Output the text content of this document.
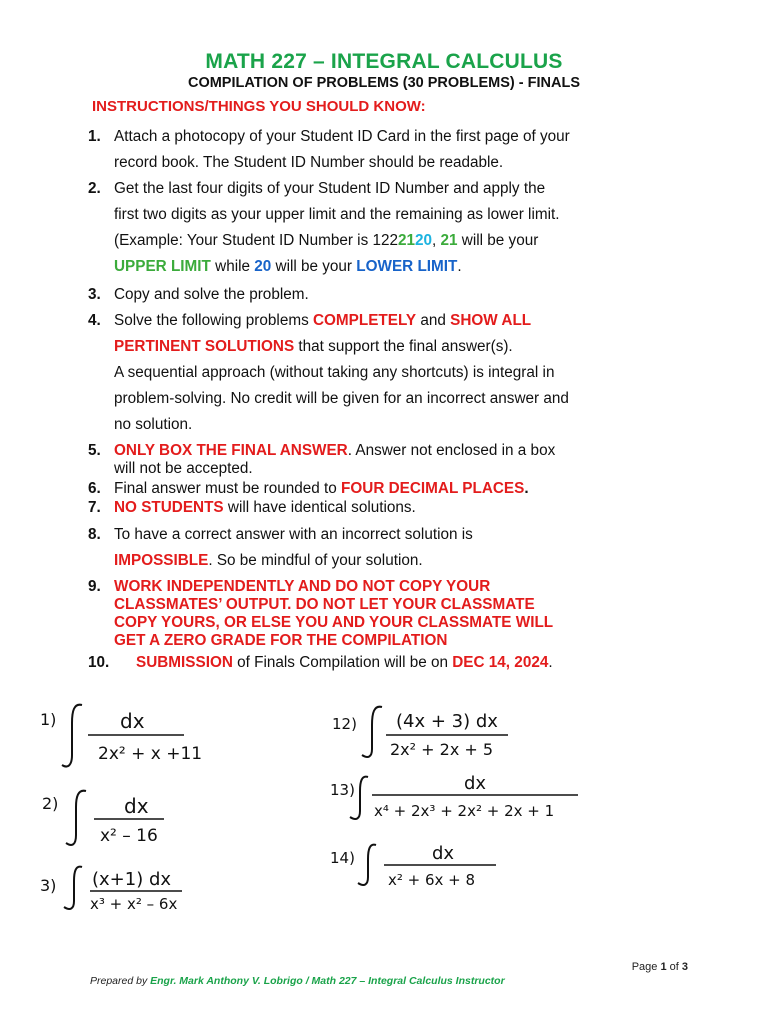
MATH 227 – INTEGRAL CALCULUS
COMPILATION OF PROBLEMS (30 PROBLEMS) - FINALS
INSTRUCTIONS/THINGS YOU SHOULD KNOW:
1. Attach a photocopy of your Student ID Card in the first page of your
record book. The Student ID Number should be readable.
2. Get the last four digits of your Student ID Number and apply the
first two digits as your upper limit and the remaining as lower limit.
(Example: Your Student ID Number is 1222120, 21 will be your
UPPER LIMIT while 20 will be your LOWER LIMIT.
3. Copy and solve the problem.
4. Solve the following problems COMPLETELY and SHOW ALL
PERTINENT SOLUTIONS that support the final answer(s).
A sequential approach (without taking any shortcuts) is integral in
problem-solving. No credit will be given for an incorrect answer and
no solution.
5. ONLY BOX THE FINAL ANSWER. Answer not enclosed in a box
will not be accepted.
6. Final answer must be rounded to FOUR DECIMAL PLACES.
7. NO STUDENTS will have identical solutions.
8. To have a correct answer with an incorrect solution is
IMPOSSIBLE. So be mindful of your solution.
9. WORK INDEPENDENTLY AND DO NOT COPY YOUR
CLASSMATES’ OUTPUT. DO NOT LET YOUR CLASSMATE
COPY YOURS, OR ELSE YOU AND YOUR CLASSMATE WILL
GET A ZERO GRADE FOR THE COMPILATION
10. SUBMISSION of Finals Compilation will be on DEC 14, 2024.
1)	dx
2x² + x +11
2)	dx
x² – 16
3) (x+1) dx
x³ + x² – 6x
12) (4x + 3) dx
2x² + 2x + 5
13)	dx
x⁴ + 2x³ + 2x² + 2x + 1
14)	dx
x² + 6x + 8
Page 1 of 3
Prepared by Engr. Mark Anthony V. Lobrigo / Math 227 – Integral Calculus Instructor
